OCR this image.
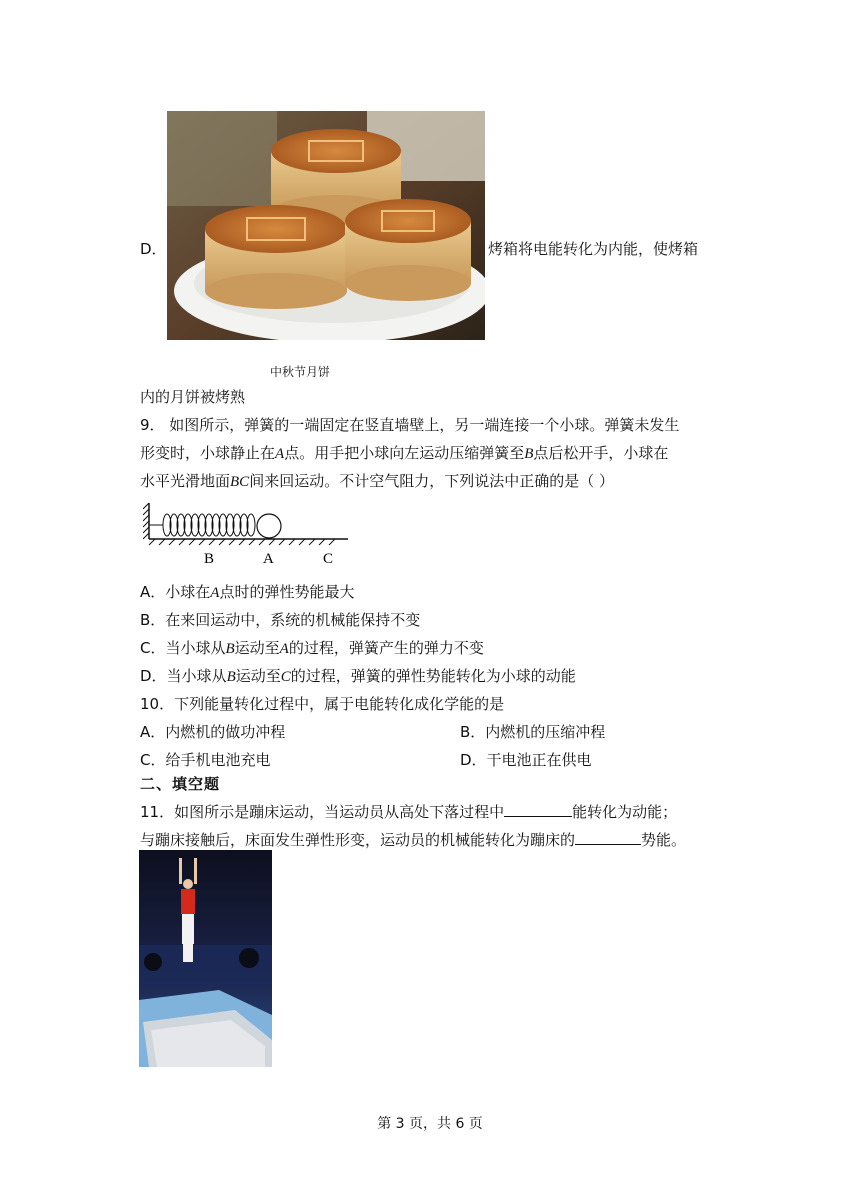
D．
中秋节月饼
烤箱将电能转化为内能，使烤箱
内的月饼被烤熟
9． 如图所示，弹簧的一端固定在竖直墙壁上，另一端连接一个小球。弹簧未发生
形变时，小球静止在A点。用手把小球向左运动压缩弹簧至B点后松开手，小球在
水平光滑地面BC间来回运动。不计空气阻力，下列说法中正确的是（ ）
B	A	C
A．小球在A点时的弹性势能最大
B．在来回运动中，系统的机械能保持不变
C．当小球从B运动至A的过程，弹簧产生的弹力不变
D．当小球从B运动至C的过程，弹簧的弹性势能转化为小球的动能
10．下列能量转化过程中，属于电能转化成化学能的是
A．内燃机的做功冲程	B．内燃机的压缩冲程
C．给手机电池充电	D．干电池正在供电
二、填空题
11．如图所示是蹦床运动，当运动员从高处下落过程中	能转化为动能；
与蹦床接触后，床面发生弹性形变，运动员的机械能转化为蹦床的	势能。
第 3 页，共 6 页
